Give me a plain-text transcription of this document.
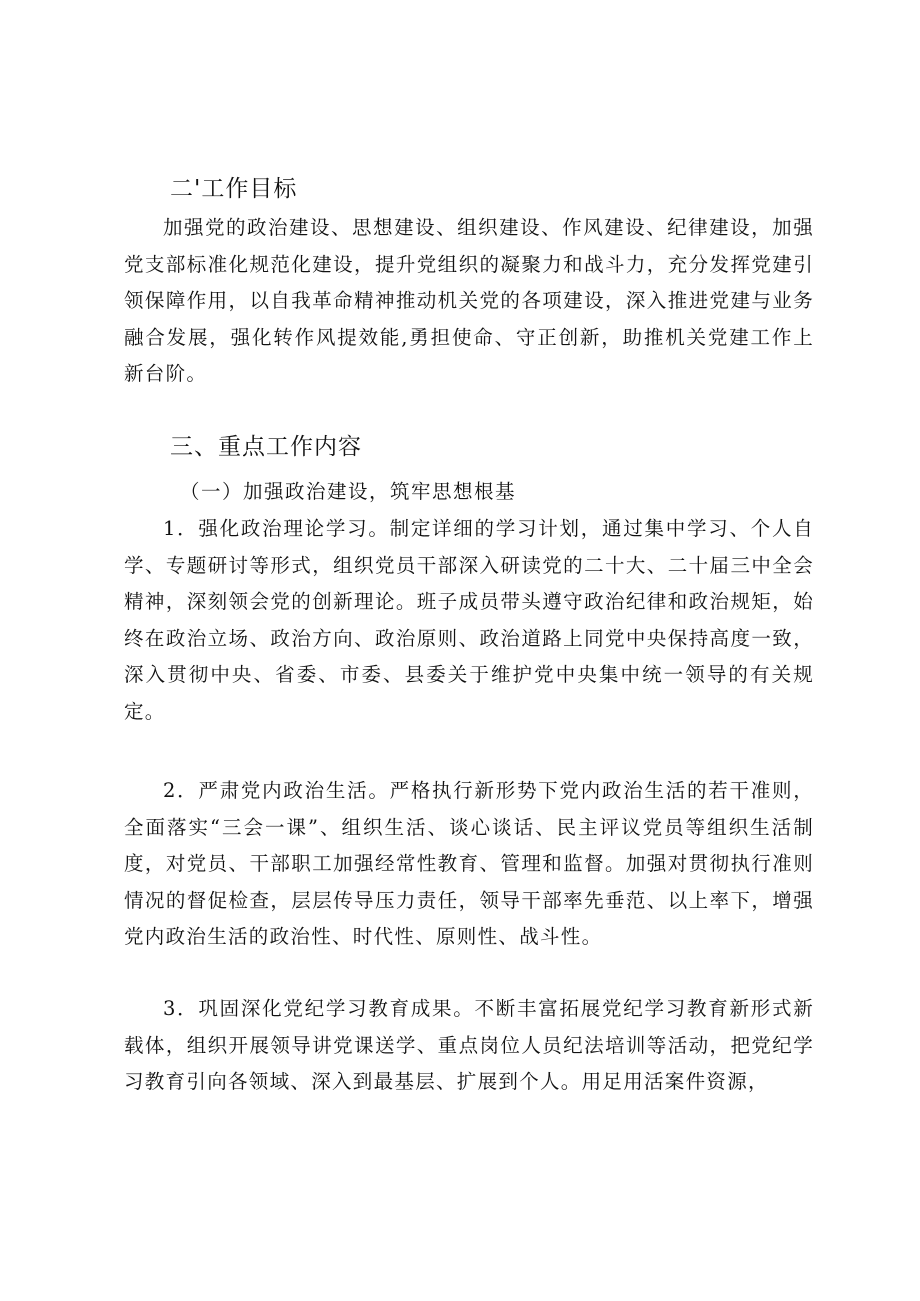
二'工作目标

加强党的政治建设、思想建设、组织建设、作风建设、纪律建设，加强党支部标准化规范化建设，提升党组织的凝聚力和战斗力，充分发挥党建引领保障作用，以自我革命精神推动机关党的各项建设，深入推进党建与业务融合发展，强化转作风提效能,勇担使命、守正创新，助推机关党建工作上新台阶。

三、重点工作内容
（一）加强政治建设，筑牢思想根基

1．强化政治理论学习。制定详细的学习计划，通过集中学习、个人自学、专题研讨等形式，组织党员干部深入研读党的二十大、二十届三中全会精神，深刻领会党的创新理论。班子成员带头遵守政治纪律和政治规矩，始终在政治立场、政治方向、政治原则、政治道路上同党中央保持高度一致，深入贯彻中央、省委、市委、县委关于维护党中央集中统一领导的有关规定。

2．严肃党内政治生活。严格执行新形势下党内政治生活的若干准则，全面落实“三会一课”、组织生活、谈心谈话、民主评议党员等组织生活制度，对党员、干部职工加强经常性教育、管理和监督。加强对贯彻执行准则情况的督促检查，层层传导压力责任，领导干部率先垂范、以上率下，增强党内政治生活的政治性、时代性、原则性、战斗性。

3．巩固深化党纪学习教育成果。不断丰富拓展党纪学习教育新形式新载体，组织开展领导讲党课送学、重点岗位人员纪法培训等活动，把党纪学习教育引向各领域、深入到最基层、扩展到个人。用足用活案件资源，
